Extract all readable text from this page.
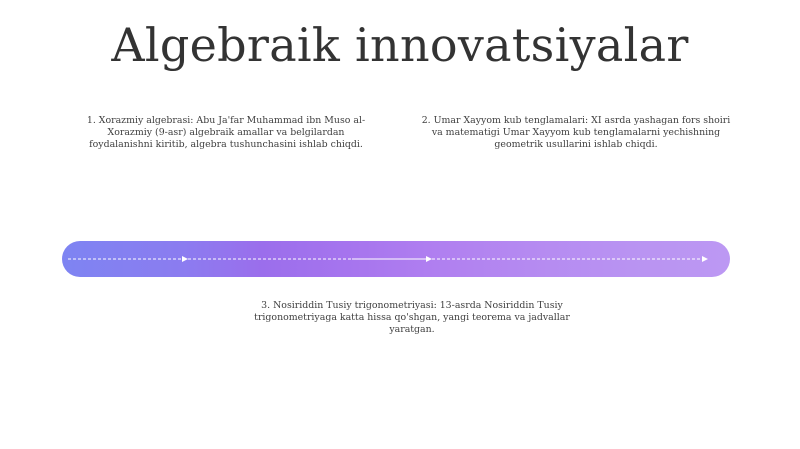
Algebraik innovatsiyalar
1. Xorazmiy algebrasi: Abu Ja'far Muhammad ibn Muso al-Xorazmiy (9-asr) algebraik amallar va belgilardan foydalanishni kiritib, algebra tushunchasini ishlab chiqdi.
2. Umar Xayyom kub tenglamalari: XI asrda yashagan fors shoiri va matematigi Umar Xayyom kub tenglamalarni yechishning geometrik usullarini ishlab chiqdi.
3. Nosiriddin Tusiy trigonometriyasi: 13-asrda Nosiriddin Tusiy trigonometriyaga katta hissa qo'shgan, yangi teorema va jadvallar yaratgan.
